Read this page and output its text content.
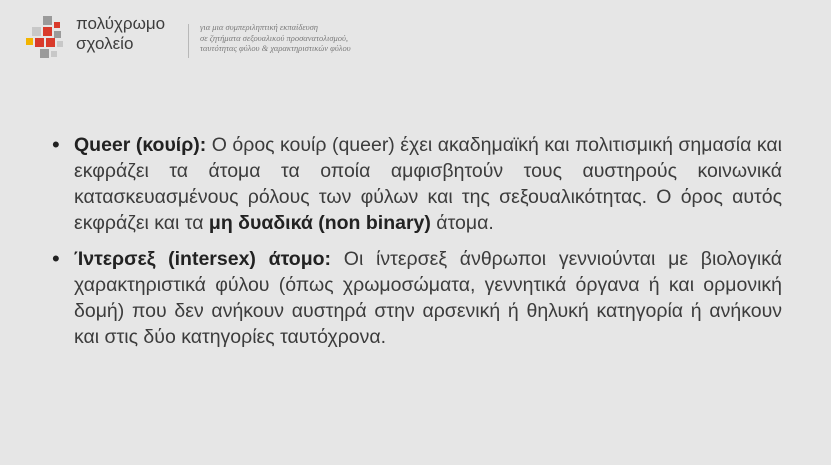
πολύχρωμο
σχολείο
για μια συμπεριληπτική εκπαίδευση
σε ζητήματα σεξουαλικού προσανατολισμού,
ταυτότητας φύλου & χαρακτηριστικών φύλου
• Queer (κουίρ): Ο όρος κουίρ (queer) έχει ακαδημαϊκή και πολιτισμική σημασία και εκφράζει τα άτομα τα οποία αμφισβητούν τους αυστηρούς κοινωνικά κατασκευασμένους ρόλους των φύλων και της σεξουαλικότητας. Ο όρος αυτός εκφράζει και τα μη δυαδικά (non binary) άτομα.
• Ίντερσεξ (intersex) άτομο: Οι ίντερσεξ άνθρωποι γεννιούνται με βιολογικά χαρακτηριστικά φύλου (όπως χρωμοσώματα, γεννητικά όργανα ή και ορμονική δομή) που δεν ανήκουν αυστηρά στην αρσενική ή θηλυκή κατηγορία ή ανήκουν και στις δύο κατηγορίες ταυτόχρονα.
